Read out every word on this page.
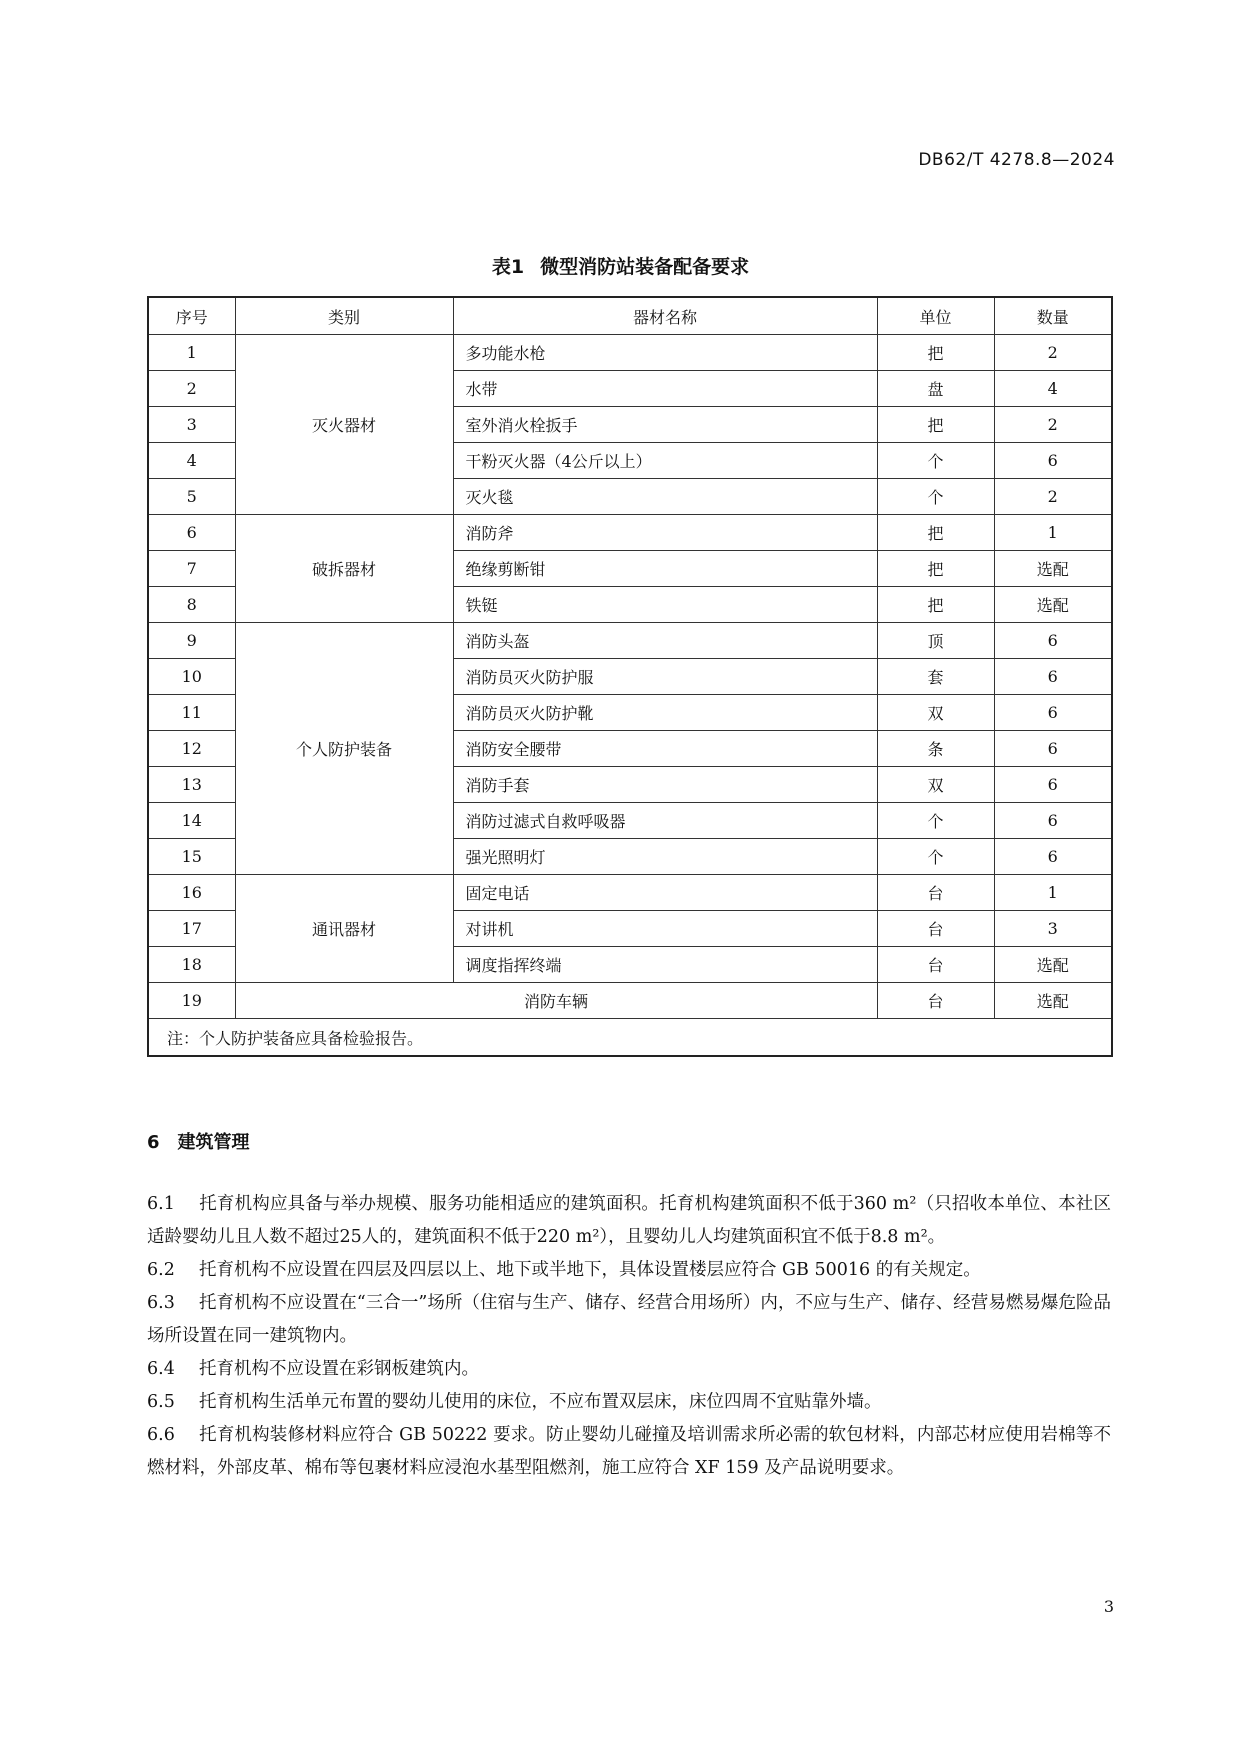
DB62/T 4278.8—2024
表1 微型消防站装备配备要求
序号	类别	器材名称	单位	数量
1	灭火器材	多功能水枪	把	2
2		水带	盘	4
3		室外消火栓扳手	把	2
4		干粉灭火器（4公斤以上）	个	6
5		灭火毯	个	2
6	破拆器材	消防斧	把	1
7		绝缘剪断钳	把	选配
8		铁铤	把	选配
9	个人防护装备	消防头盔	顶	6
10		消防员灭火防护服	套	6
11		消防员灭火防护靴	双	6
12		消防安全腰带	条	6
13		消防手套	双	6
14		消防过滤式自救呼吸器	个	6
15		强光照明灯	个	6
16	通讯器材	固定电话	台	1
17		对讲机	台	3
18		调度指挥终端	台	选配
19	消防车辆		台	选配
注：个人防护装备应具备检验报告。				
6 建筑管理

6.1 托育机构应具备与举办规模、服务功能相适应的建筑面积。托育机构建筑面积不低于360 m²（只招收本单位、本社区适龄婴幼儿且人数不超过25人的，建筑面积不低于220 m²），且婴幼儿人均建筑面积宜不低于8.8 m²。

6.2 托育机构不应设置在四层及四层以上、地下或半地下，具体设置楼层应符合 GB 50016 的有关规定。

6.3 托育机构不应设置在“三合一”场所（住宿与生产、储存、经营合用场所）内，不应与生产、储存、经营易燃易爆危险品场所设置在同一建筑物内。

6.4 托育机构不应设置在彩钢板建筑内。

6.5 托育机构生活单元布置的婴幼儿使用的床位，不应布置双层床，床位四周不宜贴靠外墙。

6.6 托育机构装修材料应符合 GB 50222 要求。防止婴幼儿碰撞及培训需求所必需的软包材料，内部芯材应使用岩棉等不燃材料，外部皮革、棉布等包裹材料应浸泡水基型阻燃剂，施工应符合 XF 159 及产品说明要求。

3
